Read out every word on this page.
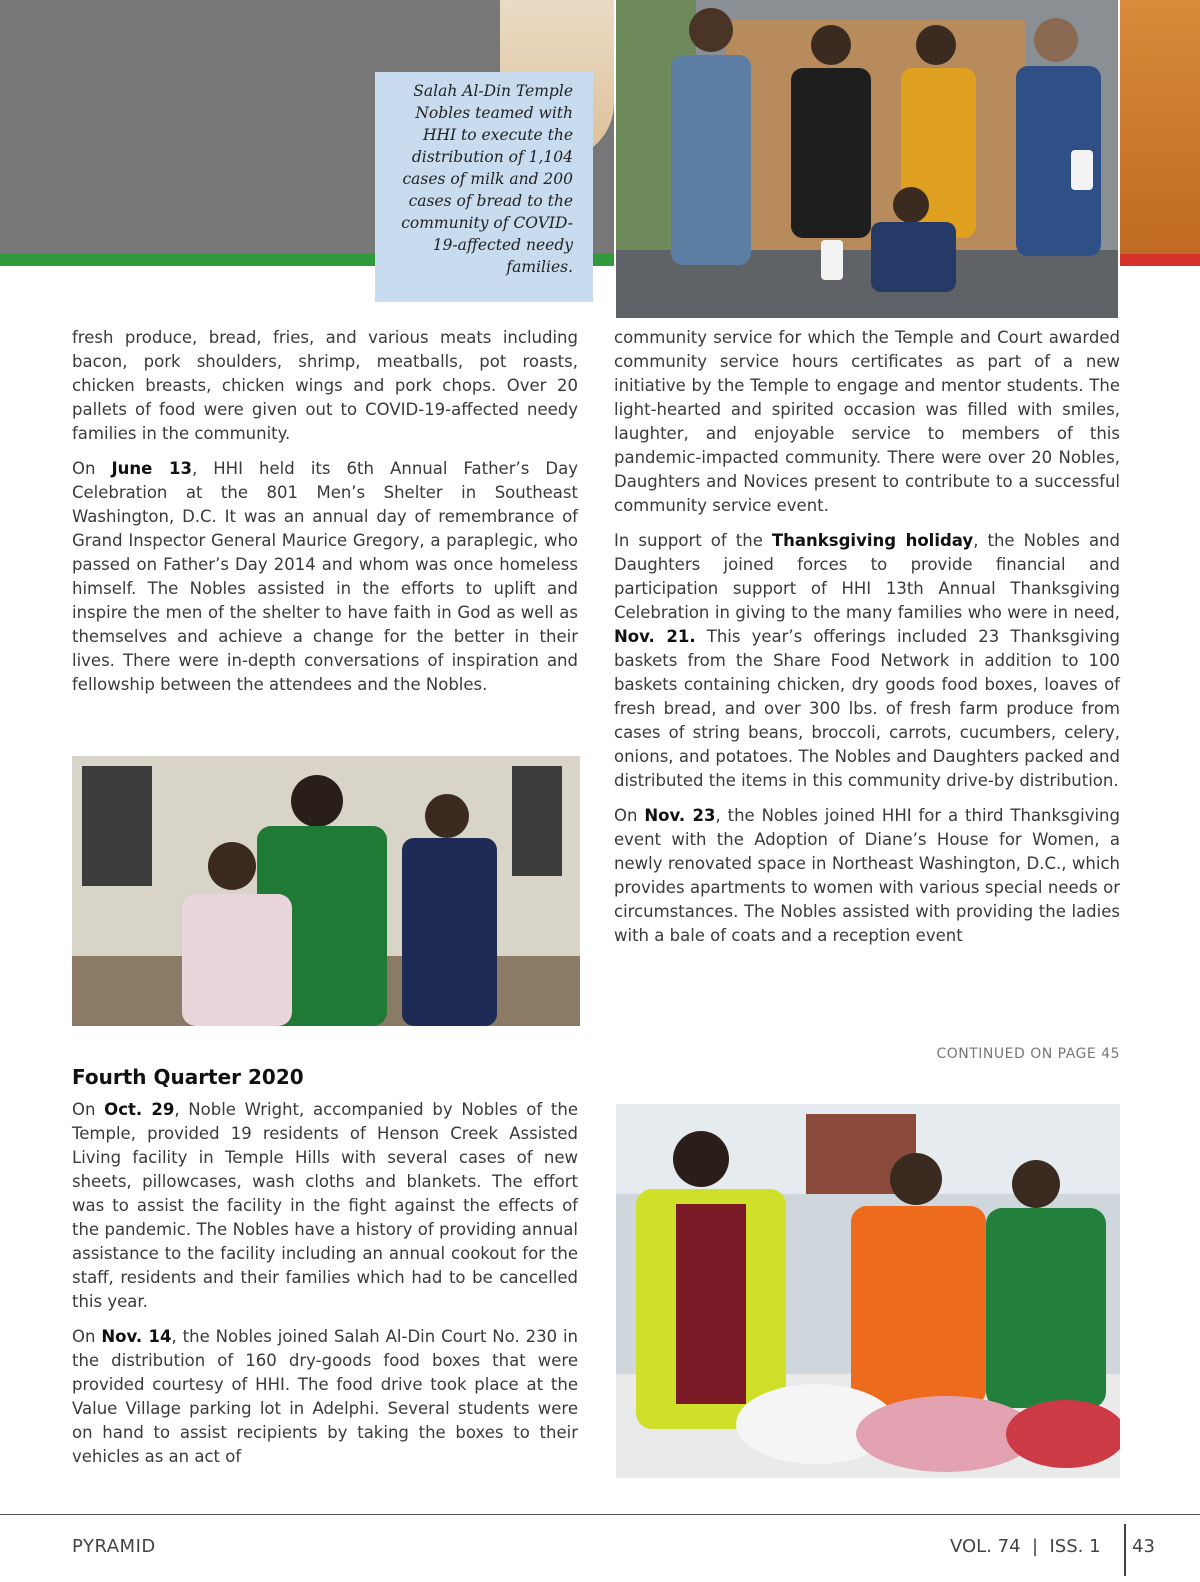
Salah Al-Din Temple Nobles teamed with HHI to execute the distribution of 1,104 cases of milk and 200 cases of bread to the community of COVID-19-affected needy families.

fresh produce, bread, fries, and various meats including bacon, pork shoulders, shrimp, meatballs, pot roasts, chicken breasts, chicken wings and pork chops. Over 20 pallets of food were given out to COVID-19-affected needy families in the community.

On June 13, HHI held its 6th Annual Father’s Day Celebration at the 801 Men’s Shelter in Southeast Washington, D.C. It was an annual day of remembrance of Grand Inspector General Maurice Gregory, a paraplegic, who passed on Father’s Day 2014 and whom was once homeless himself. The Nobles assisted in the efforts to uplift and inspire the men of the shelter to have faith in God as well as themselves and achieve a change for the better in their lives. There were in-depth conversations of inspiration and fellowship between the attendees and the Nobles.

Fourth Quarter 2020

On Oct. 29, Noble Wright, accompanied by Nobles of the Temple, provided 19 residents of Henson Creek Assisted Living facility in Temple Hills with several cases of new sheets, pillowcases, wash cloths and blankets. The effort was to assist the facility in the fight against the effects of the pandemic. The Nobles have a history of providing annual assistance to the facility including an annual cookout for the staff, residents and their families which had to be cancelled this year.

On Nov. 14, the Nobles joined Salah Al-Din Court No. 230 in the distribution of 160 dry-goods food boxes that were provided courtesy of HHI. The food drive took place at the Value Village parking lot in Adelphi. Several students were on hand to assist recipients by taking the boxes to their vehicles as an act of

community service for which the Temple and Court awarded community service hours certificates as part of a new initiative by the Temple to engage and mentor students. The light-hearted and spirited occasion was filled with smiles, laughter, and enjoyable service to members of this pandemic-impacted community. There were over 20 Nobles, Daughters and Novices present to contribute to a successful community service event.

In support of the Thanksgiving holiday, the Nobles and Daughters joined forces to provide financial and participation support of HHI 13th Annual Thanksgiving Celebration in giving to the many families who were in need, Nov. 21. This year’s offerings included 23 Thanksgiving baskets from the Share Food Network in addition to 100 baskets containing chicken, dry goods food boxes, loaves of fresh bread, and over 300 lbs. of fresh farm produce from cases of string beans, broccoli, carrots, cucumbers, celery, onions, and potatoes. The Nobles and Daughters packed and distributed the items in this community drive-by distribution.

On Nov. 23, the Nobles joined HHI for a third Thanksgiving event with the Adoption of Diane’s House for Women, a newly renovated space in Northeast Washington, D.C., which provides apartments to women with various special needs or circumstances. The Nobles assisted with providing the ladies with a bale of coats and a reception event

CONTINUED ON PAGE 45
PYRAMID	VOL. 74  |  ISS. 1 43
